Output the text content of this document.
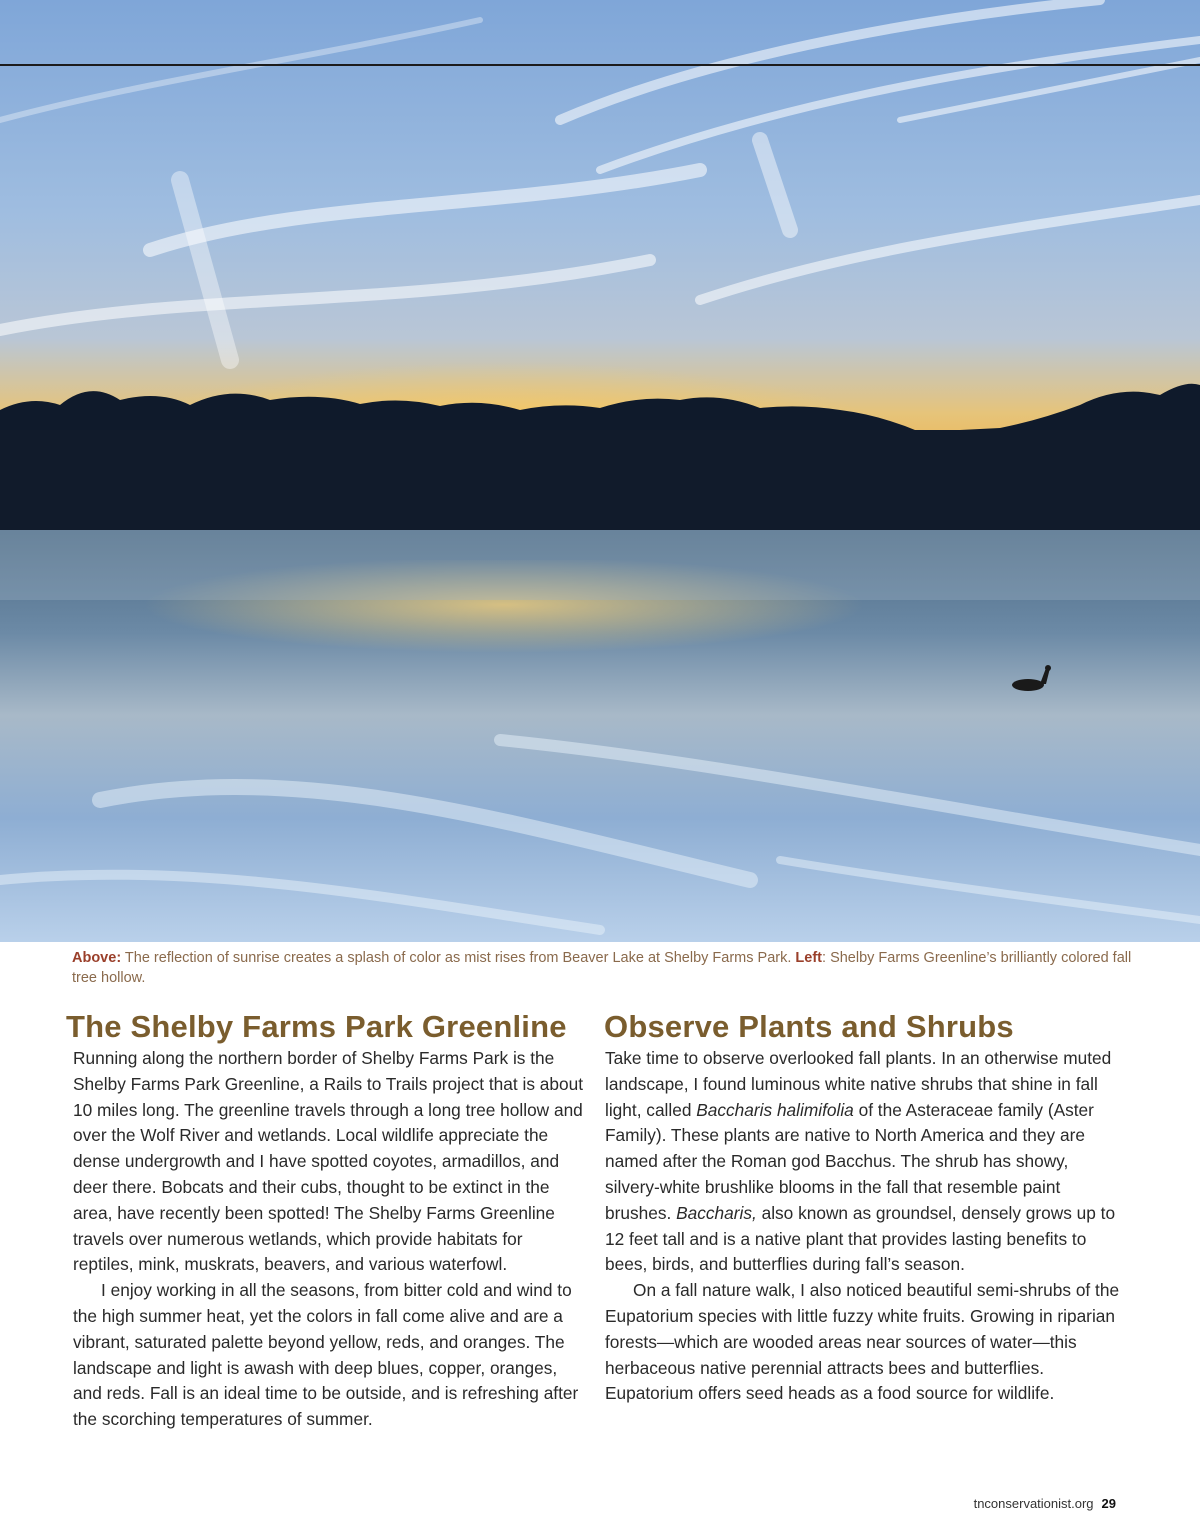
Above: The reflection of sunrise creates a splash of color as mist rises from Beaver Lake at Shelby Farms Park. Left: Shelby Farms Greenline’s brilliantly colored fall tree hollow.
The Shelby Farms Park Greenline

Running along the northern border of Shelby Farms Park is the Shelby Farms Park Greenline, a Rails to Trails project that is about 10 miles long. The greenline travels through a long tree hollow and over the Wolf River and wetlands. Local wildlife appreciate the dense undergrowth and I have spotted coyotes, armadillos, and deer there. Bobcats and their cubs, thought to be extinct in the area, have recently been spotted! The Shelby Farms Greenline travels over numerous wetlands, which provide habitats for reptiles, mink, muskrats, beavers, and various waterfowl.

I enjoy working in all the seasons, from bitter cold and wind to the high summer heat, yet the colors in fall come alive and are a vibrant, saturated palette beyond yellow, reds, and oranges. The landscape and light is awash with deep blues, copper, oranges, and reds. Fall is an ideal time to be outside, and is refreshing after the scorching temperatures of summer.

Observe Plants and Shrubs

Take time to observe overlooked fall plants. In an otherwise muted landscape, I found luminous white native shrubs that shine in fall light, called Baccharis halimifolia of the Asteraceae family (Aster Family). These plants are native to North America and they are named after the Roman god Bacchus. The shrub has showy, silvery-white brushlike blooms in the fall that resemble paint brushes. Baccharis, also known as groundsel, densely grows up to 12 feet tall and is a native plant that provides lasting benefits to bees, birds, and butterflies during fall’s season.

On a fall nature walk, I also noticed beautiful semi-shrubs of the Eupatorium species with little fuzzy white fruits. Growing in riparian forests—which are wooded areas near sources of water—this herbaceous native perennial attracts bees and butterflies. Eupatorium offers seed heads as a food source for wildlife.

tnconservationist.org 29
